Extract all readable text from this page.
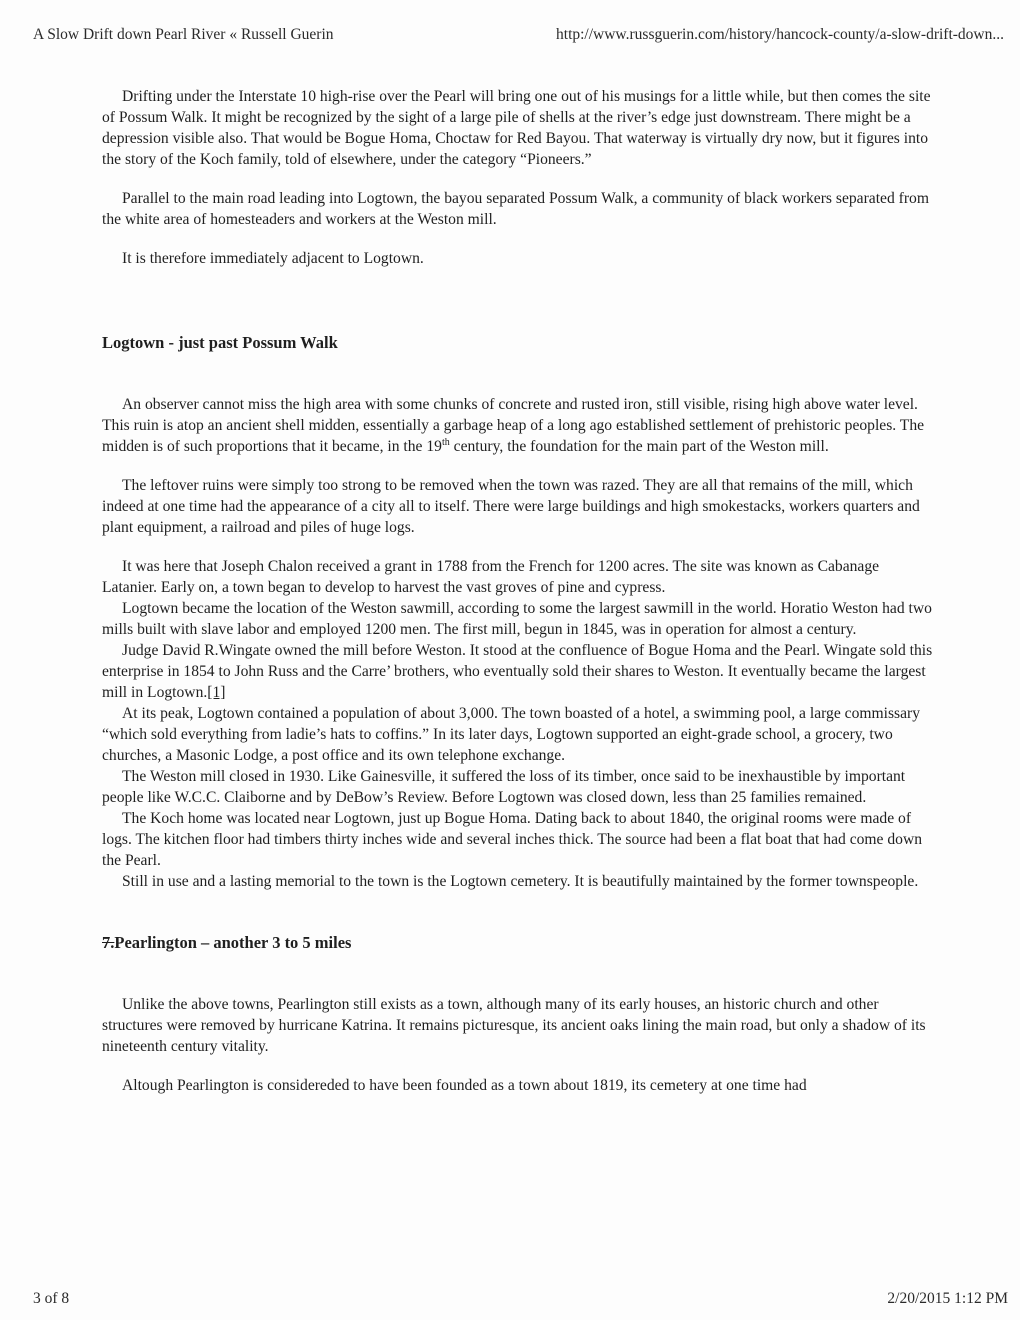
A Slow Drift down Pearl River « Russell Guerin	http://www.russguerin.com/history/hancock-county/a-slow-drift-down...

Drifting under the Interstate 10 high-rise over the Pearl will bring one out of his musings for a little while, but then comes the site of Possum Walk. It might be recognized by the sight of a large pile of shells at the river’s edge just downstream. There might be a depression visible also. That would be Bogue Homa, Choctaw for Red Bayou. That waterway is virtually dry now, but it figures into the story of the Koch family, told of elsewhere, under the category “Pioneers.”

Parallel to the main road leading into Logtown, the bayou separated Possum Walk, a community of black workers separated from the white area of homesteaders and workers at the Weston mill.

It is therefore immediately adjacent to Logtown.

Logtown - just past Possum Walk

An observer cannot miss the high area with some chunks of concrete and rusted iron, still visible, rising high above water level. This ruin is atop an ancient shell midden, essentially a garbage heap of a long ago established settlement of prehistoric peoples. The midden is of such proportions that it became, in the 19th century, the foundation for the main part of the Weston mill.

The leftover ruins were simply too strong to be removed when the town was razed. They are all that remains of the mill, which indeed at one time had the appearance of a city all to itself. There were large buildings and high smokestacks, workers quarters and plant equipment, a railroad and piles of huge logs.

It was here that Joseph Chalon received a grant in 1788 from the French for 1200 acres. The site was known as Cabanage Latanier. Early on, a town began to develop to harvest the vast groves of pine and cypress.

Logtown became the location of the Weston sawmill, according to some the largest sawmill in the world. Horatio Weston had two mills built with slave labor and employed 1200 men. The first mill, begun in 1845, was in operation for almost a century.

Judge David R.Wingate owned the mill before Weston. It stood at the confluence of Bogue Homa and the Pearl. Wingate sold this enterprise in 1854 to John Russ and the Carre’ brothers, who eventually sold their shares to Weston. It eventually became the largest mill in Logtown.[1]

At its peak, Logtown contained a population of about 3,000. The town boasted of a hotel, a swimming pool, a large commissary “which sold everything from ladie’s hats to coffins.” In its later days, Logtown supported an eight-grade school, a grocery, two churches, a Masonic Lodge, a post office and its own telephone exchange.

The Weston mill closed in 1930. Like Gainesville, it suffered the loss of its timber, once said to be inexhaustible by important people like W.C.C. Claiborne and by DeBow’s Review. Before Logtown was closed down, less than 25 families remained.

The Koch home was located near Logtown, just up Bogue Homa. Dating back to about 1840, the original rooms were made of logs. The kitchen floor had timbers thirty inches wide and several inches thick. The source had been a flat boat that had come down the Pearl.

Still in use and a lasting memorial to the town is the Logtown cemetery. It is beautifully maintained by the former townspeople.

7.Pearlington – another 3 to 5 miles

Unlike the above towns, Pearlington still exists as a town, although many of its early houses, an historic church and other structures were removed by hurricane Katrina. It remains picturesque, its ancient oaks lining the main road, but only a shadow of its nineteenth century vitality.

Altough Pearlington is considereded to have been founded as a town about 1819, its cemetery at one time had

3 of 8	2/20/2015 1:12 PM
